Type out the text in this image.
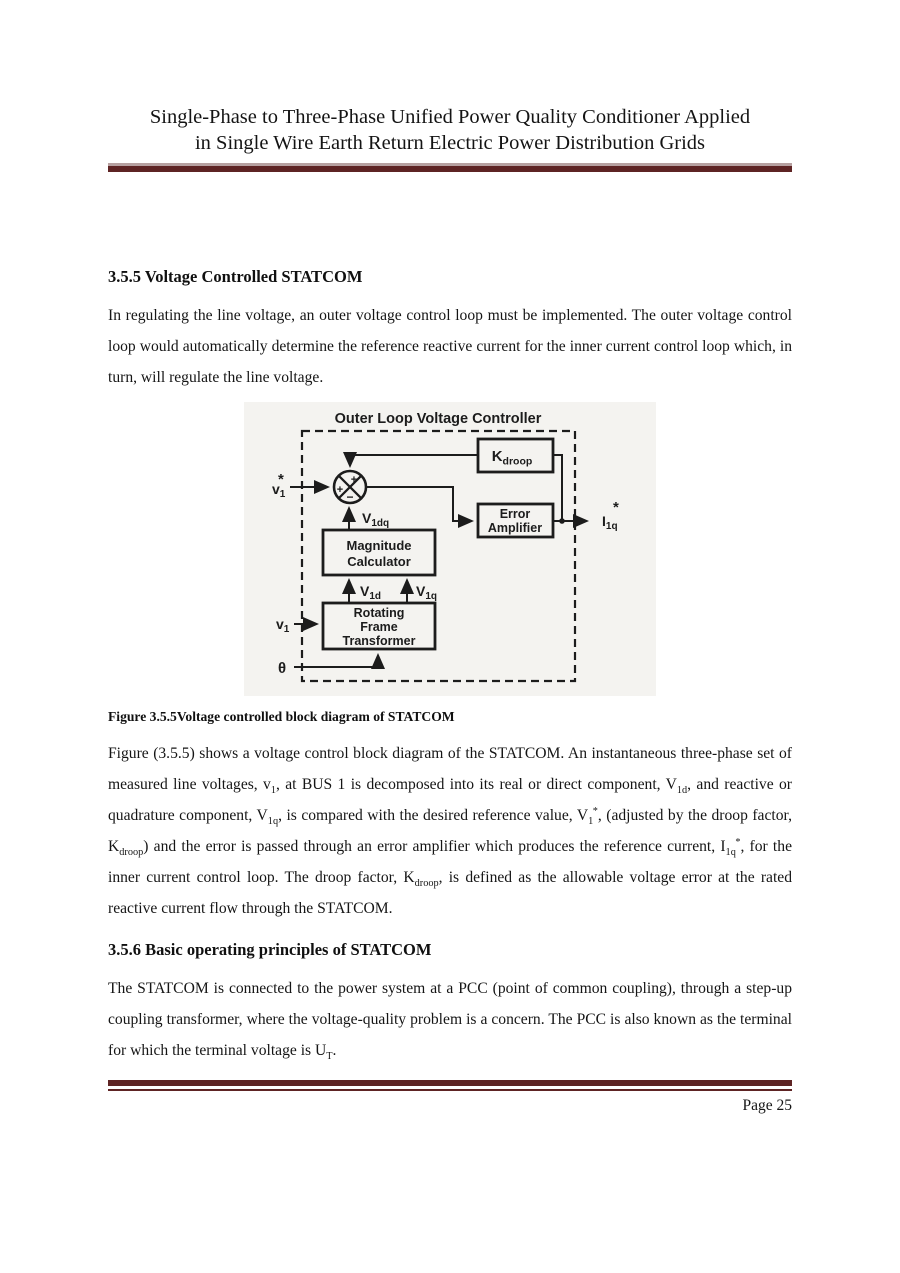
Single-Phase to Three-Phase Unified Power Quality Conditioner Applied
in Single Wire Earth Return Electric Power Distribution Grids
3.5.5 Voltage Controlled STATCOM
In regulating the line voltage, an outer voltage control loop must be implemented. The outer voltage control loop would automatically determine the reference reactive current for the inner current control loop which, in turn, will regulate the line voltage.
Outer Loop Voltage Controller
$K_{droop}$
Error
Amplifier
Magnitude
Calculator
Rotating
Frame
Transformer
+
+ −
$v_1$
*
$I_{1q}$
*
$V_{1dq}$
$V_{1d}$ $V_{1q}$
$v_1$
θ
Figure 3.5.5Voltage controlled block diagram of STATCOM
Figure (3.5.5) shows a voltage control block diagram of the STATCOM. An instantaneous three-phase set of measured line voltages, $v_1$, at BUS 1 is decomposed into its real or direct component, $V_{1d}$, and reactive or quadrature component, $V_{1q}$, is compared with the desired reference value, $V_1^*$, (adjusted by the droop factor, $K_{droop}$) and the error is passed through an error amplifier which produces the reference current, $I_{1q}^*$, for the inner current control loop. The droop factor, $K_{droop}$, is defined as the allowable voltage error at the rated reactive current flow through the STATCOM.
3.5.6 Basic operating principles of STATCOM
The STATCOM is connected to the power system at a PCC (point of common coupling), through a step-up coupling transformer, where the voltage-quality problem is a concern. The PCC is also known as the terminal for which the terminal voltage is $U_T$.
Page 25
